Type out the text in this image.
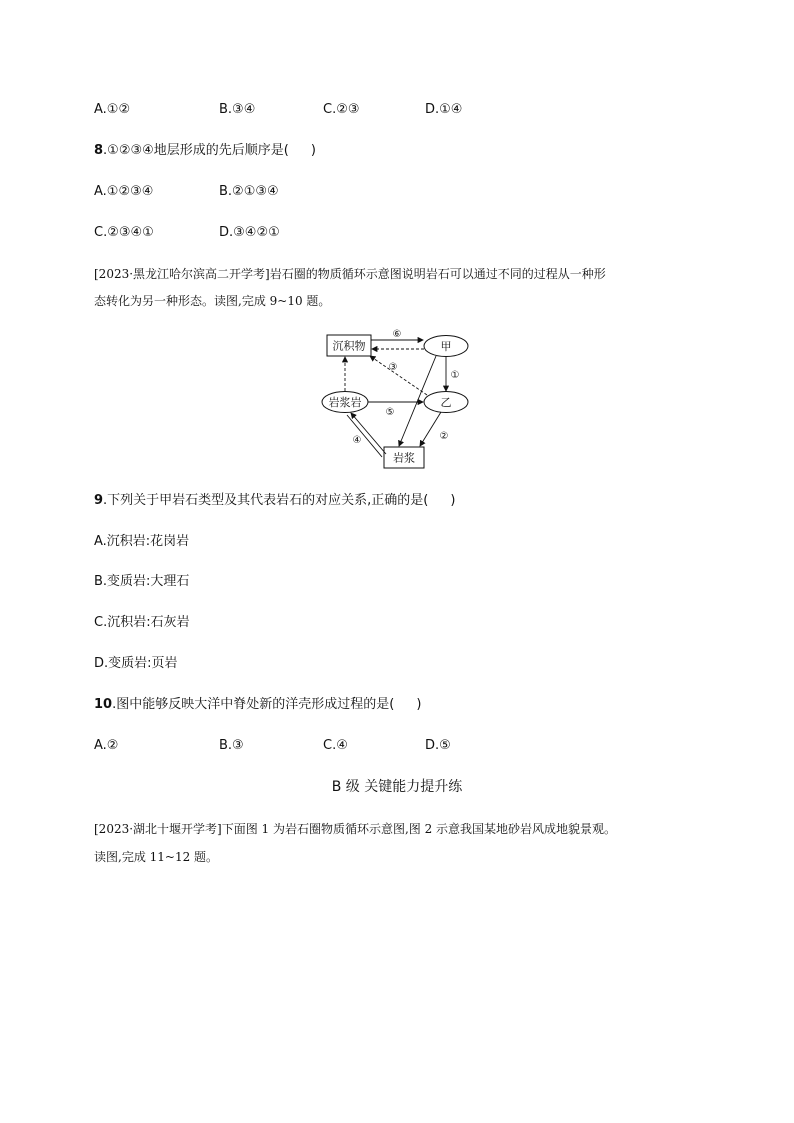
A.①②	B.③④	C.②③	D.①④
8.①②③④地层形成的先后顺序是( )
A.①②③④	B.②①③④
C.②③④①	D.③④②①
[2023·黑龙江哈尔滨高二开学考]岩石圈的物质循环示意图说明岩石可以通过不同的过程从一种形
态转化为另一种形态。读图,完成 9~10 题。
沉积物	甲
岩浆岩	乙
岩浆
⑥
③
①
⑤
④	②
9.下列关于甲岩石类型及其代表岩石的对应关系,正确的是( )
A.沉积岩:花岗岩
B.变质岩:大理石
C.沉积岩:石灰岩
D.变质岩:页岩
10.图中能够反映大洋中脊处新的洋壳形成过程的是( )
A.②	B.③	C.④	D.⑤
B 级 关键能力提升练
[2023·湖北十堰开学考]下面图 1 为岩石圈物质循环示意图,图 2 示意我国某地砂岩风成地貌景观。
读图,完成 11~12 题。
